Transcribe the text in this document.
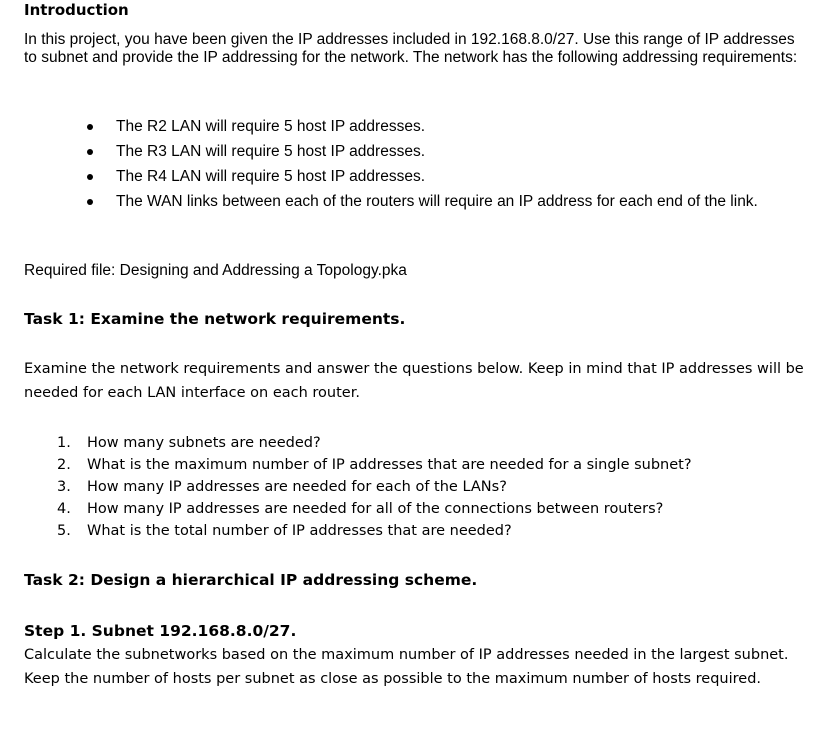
Introduction
In this project, you have been given the IP addresses included in 192.168.8.0/27. Use this range of IP addresses to subnet and provide the IP addressing for the network. The network has the following addressing requirements:
The R2 LAN will require 5 host IP addresses.
The R3 LAN will require 5 host IP addresses.
The R4 LAN will require 5 host IP addresses.
The WAN links between each of the routers will require an IP address for each end of the link.
Required file: Designing and Addressing a Topology.pka
Task 1: Examine the network requirements.
Examine the network requirements and answer the questions below. Keep in mind that IP addresses will be needed for each LAN interface on each router.
1. How many subnets are needed?
2. What is the maximum number of IP addresses that are needed for a single subnet?
3. How many IP addresses are needed for each of the LANs?
4. How many IP addresses are needed for all of the connections between routers?
5. What is the total number of IP addresses that are needed?
Task 2: Design a hierarchical IP addressing scheme.
Step 1. Subnet 192.168.8.0/27.
Calculate the subnetworks based on the maximum number of IP addresses needed in the largest subnet. Keep the number of hosts per subnet as close as possible to the maximum number of hosts required.
